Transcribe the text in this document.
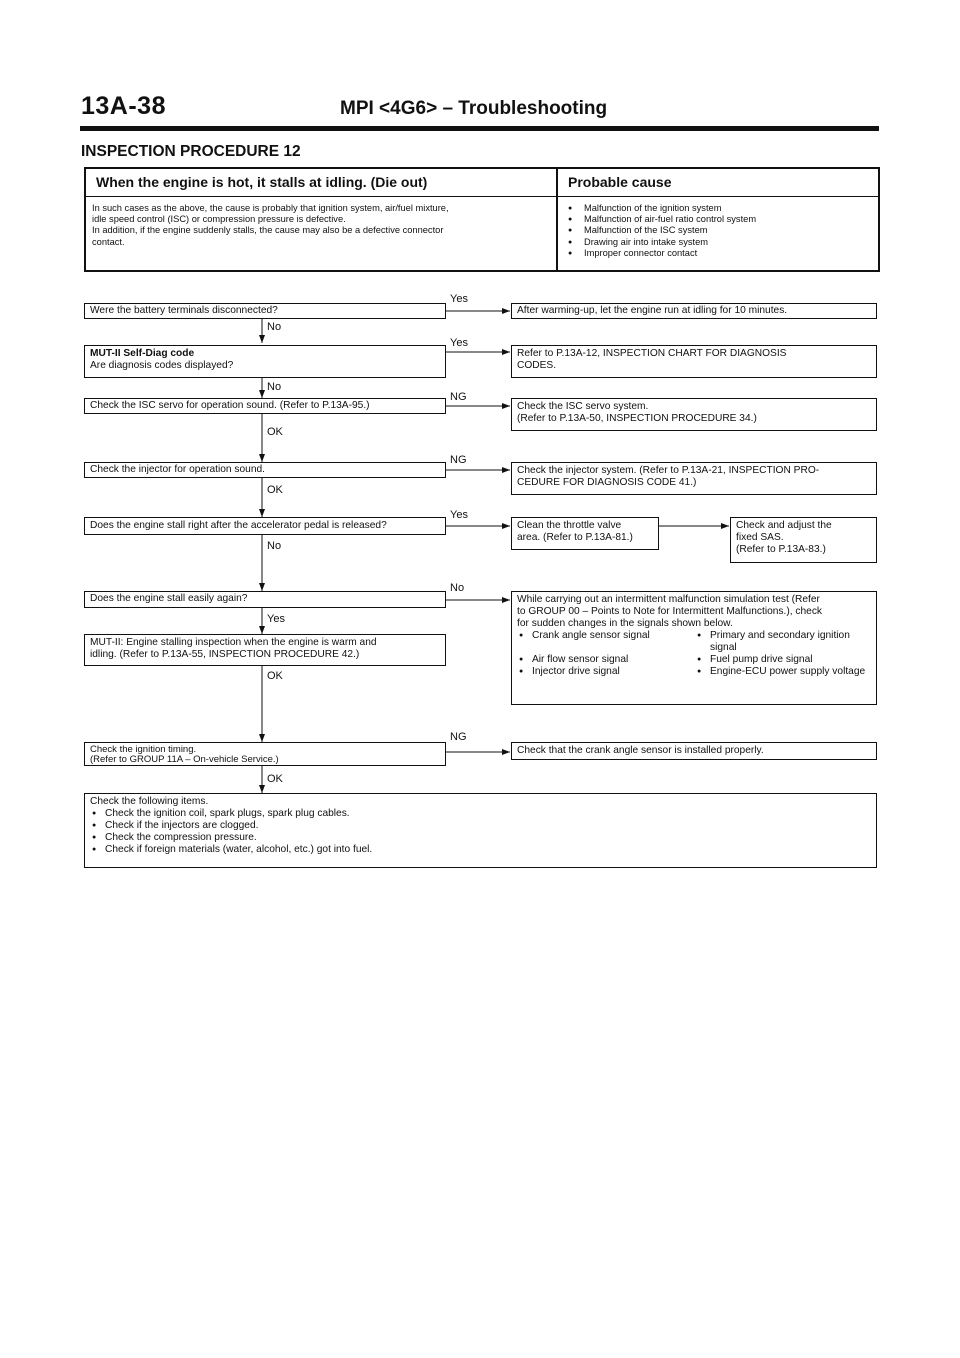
13A-38	MPI <4G6> – Troubleshooting
INSPECTION PROCEDURE 12
When the engine is hot, it stalls at idling. (Die out)	Probable cause
In such cases as the above, the cause is probably that ignition system, air/fuel mixture,
idle speed control (ISC) or compression pressure is defective.
In addition, if the engine suddenly stalls, the cause may also be a defective connector
contact.
● Malfunction of the ignition system
● Malfunction of air-fuel ratio control system
● Malfunction of the ISC system
● Drawing air into intake system
● Improper connector contact
Yes
No
Yes
No
NG
OK
NG
OK
Yes
No
No
Yes
OK
NG
OK
Were the battery terminals disconnected?	After warming-up, let the engine run at idling for 10 minutes.
MUT-II Self-Diag code
Are diagnosis codes displayed?
Refer to P.13A-12, INSPECTION CHART FOR DIAGNOSIS
CODES.
Check the ISC servo for operation sound. (Refer to P.13A-95.)	Check the ISC servo system.
(Refer to P.13A-50, INSPECTION PROCEDURE 34.)
Check the injector for operation sound.	Check the injector system. (Refer to P.13A-21, INSPECTION PRO-
CEDURE FOR DIAGNOSIS CODE 41.)
Does the engine stall right after the accelerator pedal is released?	Clean the throttle valve
area. (Refer to P.13A-81.)
Check and adjust the
fixed SAS.
(Refer to P.13A-83.)
Does the engine stall easily again?	While carrying out an intermittent malfunction simulation test (Refer
to GROUP 00 – Points to Note for Intermittent Malfunctions.), check
for sudden changes in the signals shown below.
● Crank angle sensor signal	● Primary and secondary ignition signal
● Air flow sensor signal	● Fuel pump drive signal
● Injector drive signal	● Engine-ECU power supply voltage
MUT-II: Engine stalling inspection when the engine is warm and
idling. (Refer to P.13A-55, INSPECTION PROCEDURE 42.)
Check the ignition timing.
(Refer to GROUP 11A – On-vehicle Service.)
Check that the crank angle sensor is installed properly.
Check the following items.
● Check the ignition coil, spark plugs, spark plug cables.
● Check if the injectors are clogged.
● Check the compression pressure.
● Check if foreign materials (water, alcohol, etc.) got into fuel.
